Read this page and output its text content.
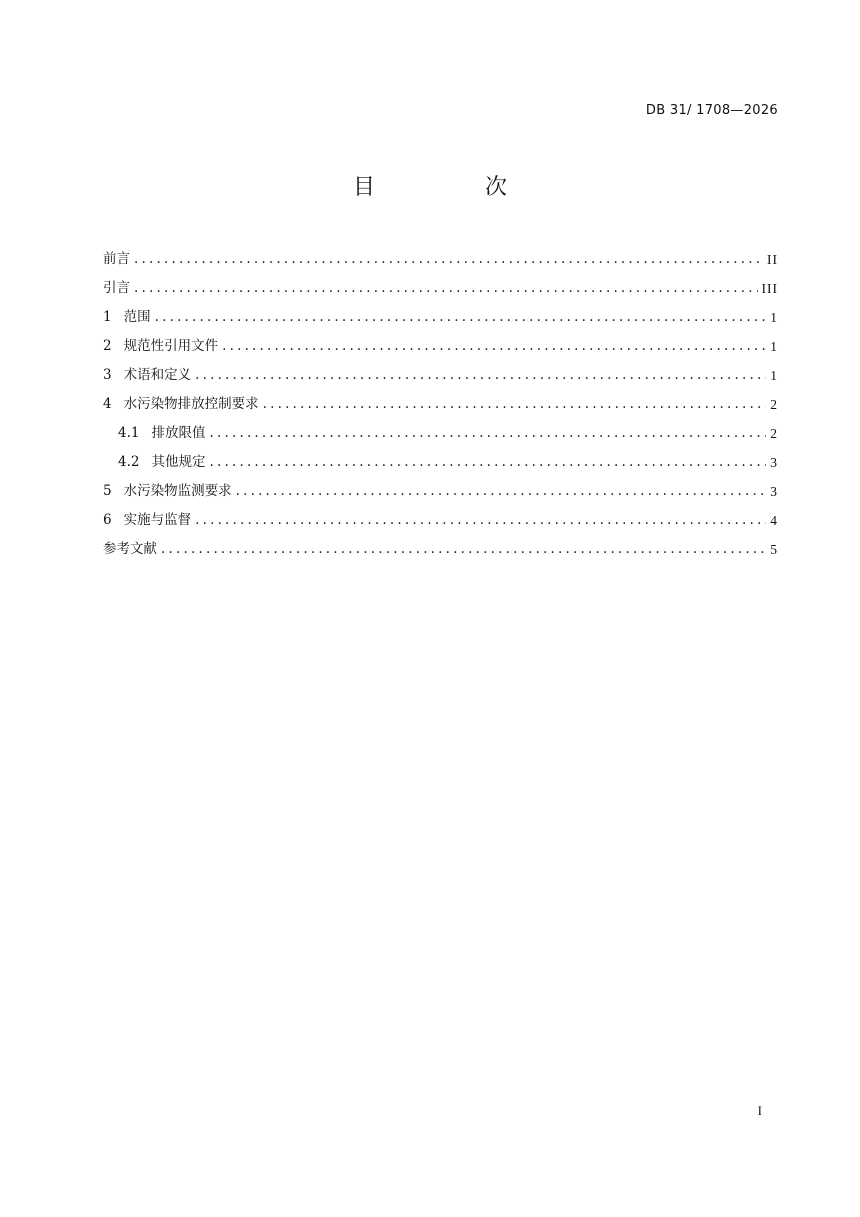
DB 31/ 1708—2026
目　次
前言 .....	II
引言 .....	III
1 范围 .....	1
2 规范性引用文件 .....	1
3 术语和定义 .....	1
4 水污染物排放控制要求 .....	2
4.1 排放限值 .....	2
4.2 其他规定 .....	3
5 水污染物监测要求 .....	3
6 实施与监督 .....	4
参考文献 .....	5
I
